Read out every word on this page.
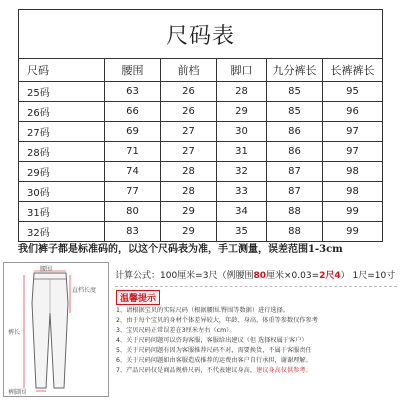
尺码表					
尺码	腰围	前档	脚口	九分裤长	长裤裤长
25码	63	26	28	85	95
26码	66	26	29	85	96
27码	69	27	30	86	97
28码	71	27	31	86	97
29码	74	28	32	87	98
30码	77	28	33	87	98
31码	80	29	34	88	99
32码	83	29	35	88	99
我们裤子都是标准码的，以这个尺码表为准，手工测量，误差范围1-3cm
腰围
直档长度
裤长
裤脚围
计算公式：100厘米=3尺（例腰围80厘米×0.03=2尺4） 1尺=10寸
温馨提示
1、请根据宝贝的实际尺码（根据腰围.臀围等数据）进行选择。
2、由于每个宝贝的身材个体差异较大，年龄、身高、体重等参数仅作参考
3、宝贝尺码正常误差在3厘米左右（cm）。
4、关于尺码问题可以咨询客服，客服给出建议（但 选择权属于客户）
5、关于尺码问题有因为客服推荐尺码不对，需要换货，不属于客服责任
6、关于尺码问题如由客服造成推荐的运费由客户自行承担，谢谢理解。
7、产品尺码仅是商品规格尺码，不代表建议身高，建议身高仅供参考。
